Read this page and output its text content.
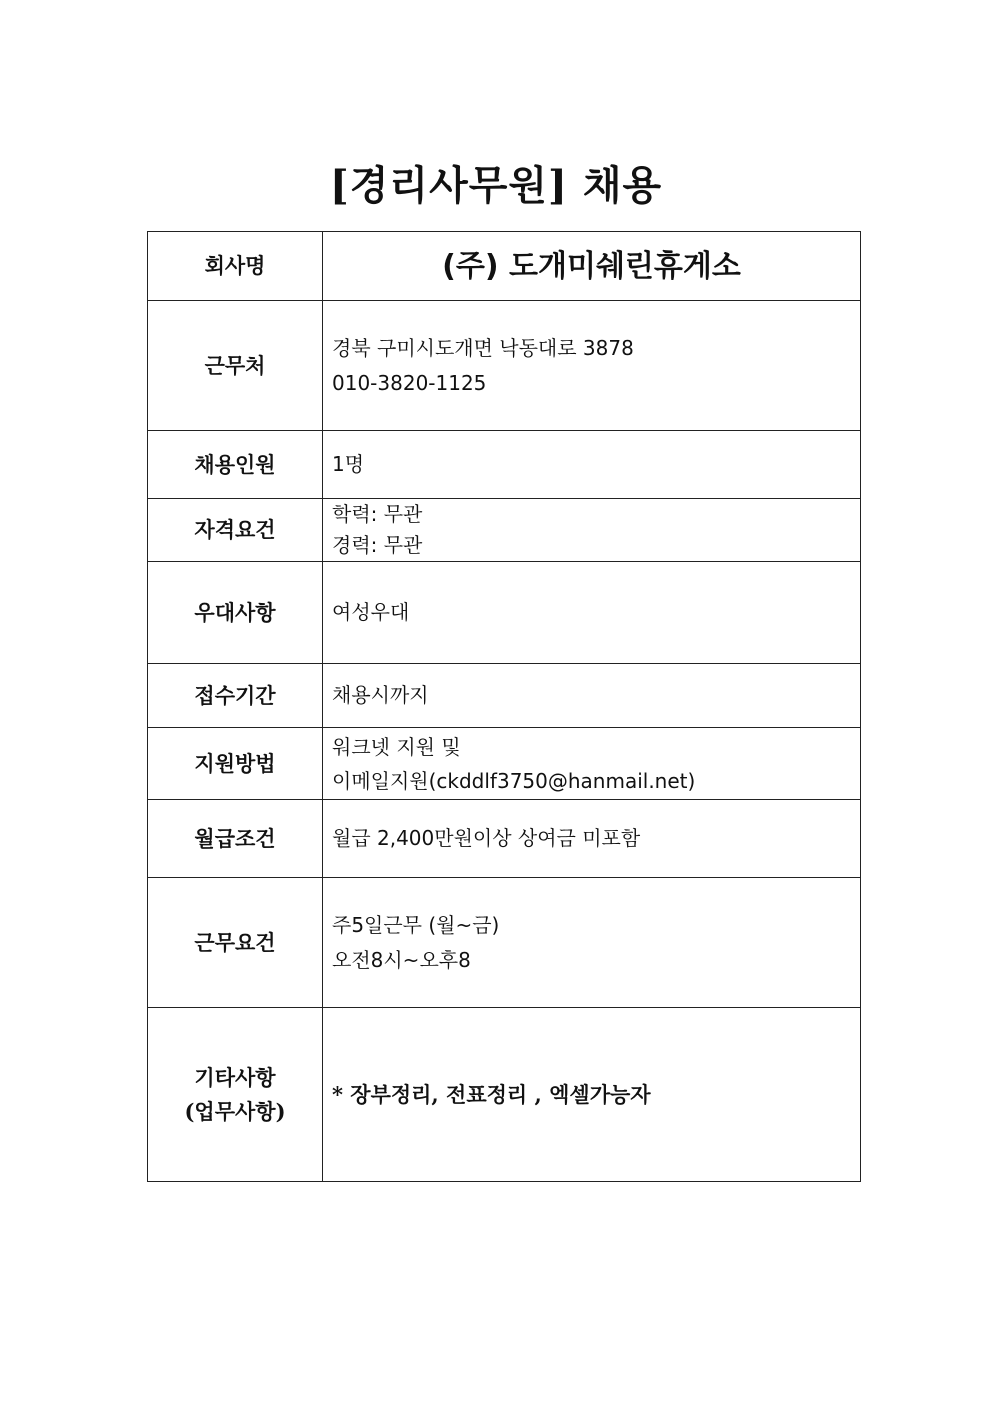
[경리사무원] 채용
회사명	(주) 도개미쉐린휴게소

근무처	경북 구미시도개면 낙동대로 3878
010-3820-1125

채용인원	1명

자격요건	학력: 무관
경력: 무관

우대사항	여성우대

접수기간	채용시까지

지원방법	워크넷 지원 및
이메일지원(ckddlf3750@hanmail.net)

월급조건	월급 2,400만원이상 상여금 미포함

근무요건	주5일근무 (월~금)
오전8시~오후8

기타사항
(업무사항)	* 장부정리, 전표정리 , 엑셀가능자
